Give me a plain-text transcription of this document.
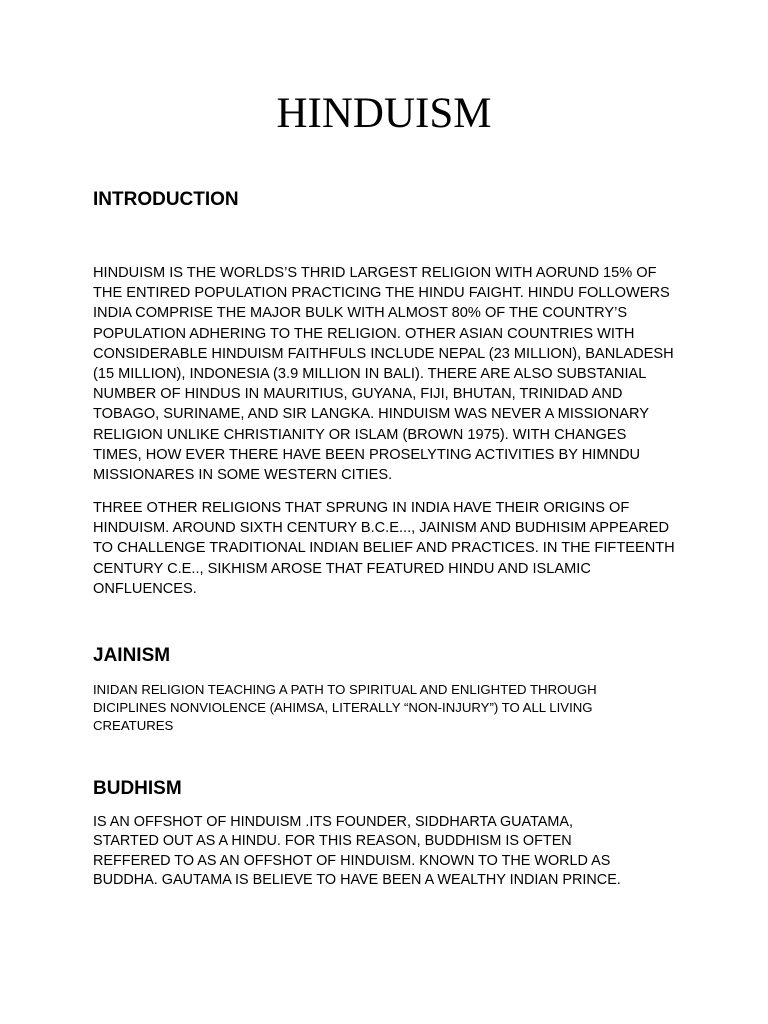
HINDUISM
INTRODUCTION
HINDUISM IS THE WORLDS’S THRID LARGEST RELIGION WITH AORUND 15% OF
THE ENTIRED POPULATION PRACTICING THE HINDU FAIGHT. HINDU FOLLOWERS
INDIA COMPRISE THE MAJOR BULK WITH ALMOST 80% OF THE COUNTRY’S
POPULATION ADHERING TO THE RELIGION. OTHER ASIAN COUNTRIES WITH
CONSIDERABLE HINDUISM FAITHFULS INCLUDE NEPAL (23 MILLION), BANLADESH
(15 MILLION), INDONESIA (3.9 MILLION IN BALI). THERE ARE ALSO SUBSTANIAL
NUMBER OF HINDUS IN MAURITIUS, GUYANA, FIJI, BHUTAN, TRINIDAD AND
TOBAGO, SURINAME, AND SIR LANGKA. HINDUISM WAS NEVER A MISSIONARY
RELIGION UNLIKE CHRISTIANITY OR ISLAM (BROWN 1975). WITH CHANGES
TIMES, HOW EVER THERE HAVE BEEN PROSELYTING ACTIVITIES BY HIMNDU
MISSIONARES IN SOME WESTERN CITIES.
THREE OTHER RELIGIONS THAT SPRUNG IN INDIA HAVE THEIR ORIGINS OF
HINDUISM. AROUND SIXTH CENTURY B.C.E..., JAINISM AND BUDHISIM APPEARED
TO CHALLENGE TRADITIONAL INDIAN BELIEF AND PRACTICES. IN THE FIFTEENTH
CENTURY C.E.., SIKHISM AROSE THAT FEATURED HINDU AND ISLAMIC
ONFLUENCES.
JAINISM
INIDAN RELIGION TEACHING A PATH TO SPIRITUAL AND ENLIGHTED THROUGH
DICIPLINES NONVIOLENCE (AHIMSA, LITERALLY “NON-INJURY”) TO ALL LIVING
CREATURES
BUDHISM
IS AN OFFSHOT OF HINDUISM .ITS FOUNDER, SIDDHARTA GUATAMA,
STARTED OUT AS A HINDU. FOR THIS REASON, BUDDHISM IS OFTEN
REFFERED TO AS AN OFFSHOT OF HINDUISM. KNOWN TO THE WORLD AS
BUDDHA. GAUTAMA IS BELIEVE TO HAVE BEEN A WEALTHY INDIAN PRINCE.
